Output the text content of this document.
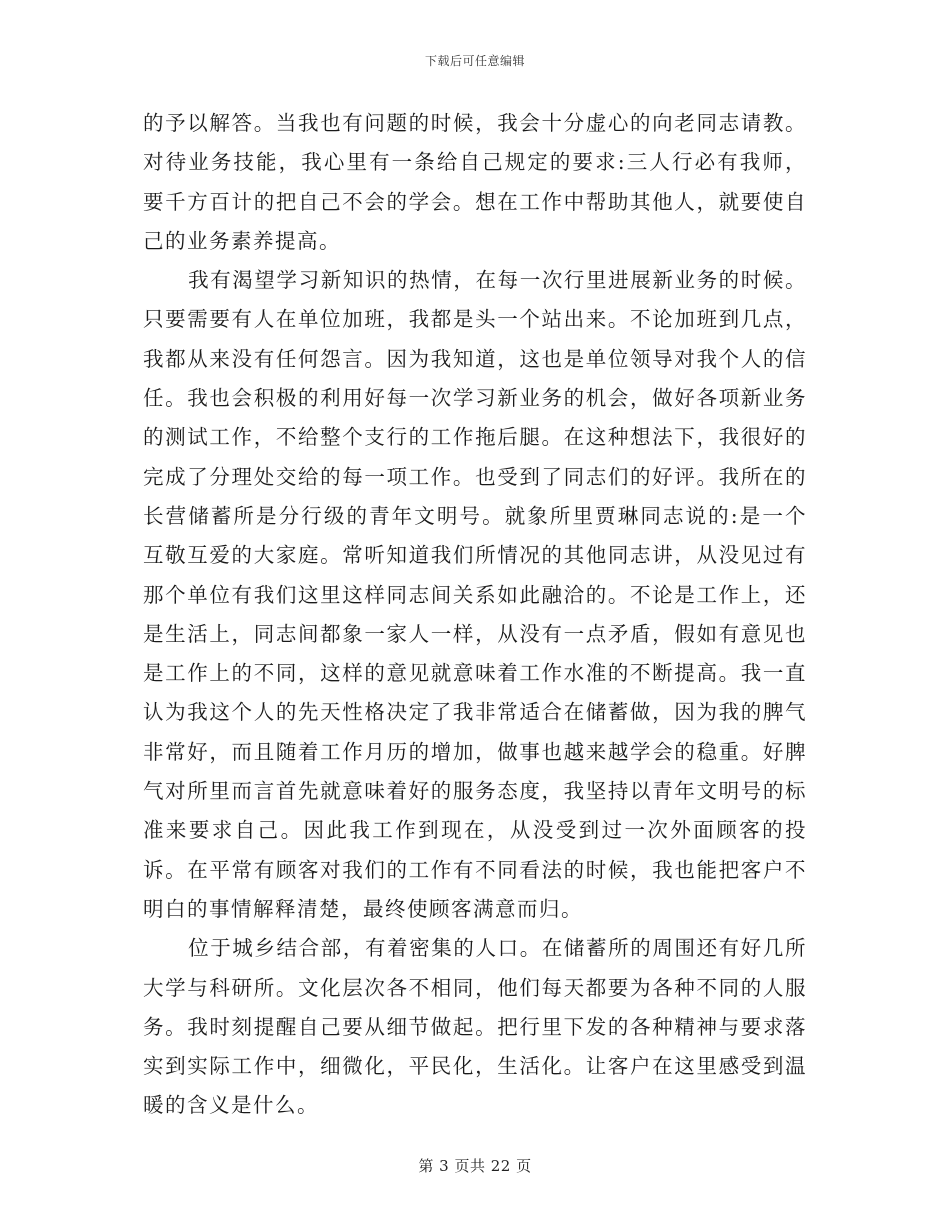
下载后可任意编辑

的予以解答。当我也有问题的时候，我会十分虚心的向老同志请教。对待业务技能，我心里有一条给自己规定的要求:三人行必有我师，要千方百计的把自己不会的学会。想在工作中帮助其他人，就要使自己的业务素养提高。

我有渴望学习新知识的热情，在每一次行里进展新业务的时候。只要需要有人在单位加班，我都是头一个站出来。不论加班到几点，我都从来没有任何怨言。因为我知道，这也是单位领导对我个人的信任。我也会积极的利用好每一次学习新业务的机会，做好各项新业务的测试工作，不给整个支行的工作拖后腿。在这种想法下，我很好的完成了分理处交给的每一项工作。也受到了同志们的好评。我所在的长营储蓄所是分行级的青年文明号。就象所里贾琳同志说的:是一个互敬互爱的大家庭。常听知道我们所情况的其他同志讲，从没见过有那个单位有我们这里这样同志间关系如此融洽的。不论是工作上，还是生活上，同志间都象一家人一样，从没有一点矛盾，假如有意见也是工作上的不同，这样的意见就意味着工作水准的不断提高。我一直认为我这个人的先天性格决定了我非常适合在储蓄做，因为我的脾气非常好，而且随着工作月历的增加，做事也越来越学会的稳重。好脾气对所里而言首先就意味着好的服务态度，我坚持以青年文明号的标准来要求自己。因此我工作到现在，从没受到过一次外面顾客的投诉。在平常有顾客对我们的工作有不同看法的时候，我也能把客户不明白的事情解释清楚，最终使顾客满意而归。

位于城乡结合部，有着密集的人口。在储蓄所的周围还有好几所大学与科研所。文化层次各不相同，他们每天都要为各种不同的人服务。我时刻提醒自己要从细节做起。把行里下发的各种精神与要求落实到实际工作中，细微化，平民化，生活化。让客户在这里感受到温暖的含义是什么。

第 3 页共 22 页
